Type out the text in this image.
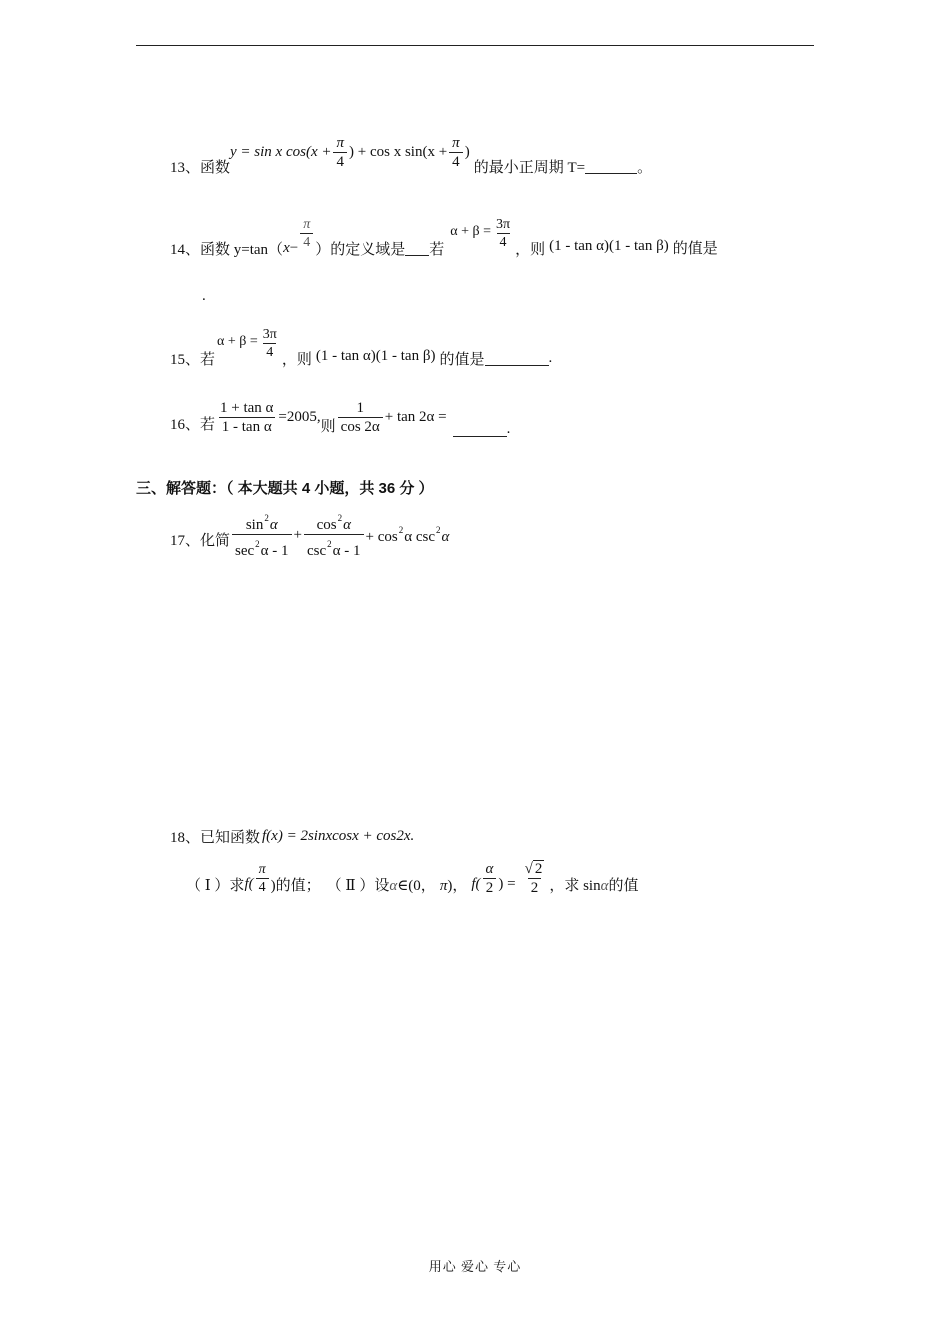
13、函数
y = sin x $\cos(x + \frac{\pi}{4}$ ) + cos x $\sin(x + \frac{\pi}{4}$ )
的最小正周期 T=	。
14、函数 y=tan （ $x - \frac{\pi}{4}$ ） 的定义域是 若
$\alpha + \beta = \frac{3\pi}{4}$ ，则 (1 - tan α)(1 - tan β) 的值是
.
15、若
$\alpha + \beta = \frac{3\pi}{4}$ ，则 (1 - tan α)(1 - tan β) 的值是	.
16、若 $\frac{\text{1 + tan α}}{\text{1 - tan α}} =2005$,
则 $\frac{1}{\cos 2\alpha} + \tan 2\alpha$ =
.
三、解答题：（ 本大题共 4 小题，共 36 分 ）
17、化简 $\frac{\sin^2\alpha}{\sec^2\alpha - 1} + \frac{\cos^2\alpha}{\csc^2\alpha - 1} + \cos^2\alpha$ $\csc^2\alpha$
18、已知函数 f(x) = 2sinxcosx + cos2x.
（ Ⅰ ）求 $f( \frac{\pi}{4}$ )的值； （ Ⅱ ）设 α ∈(0， π )， $f( \frac{\alpha}{2}$ ) = $\frac{√ 2}{2}$ ，求 sin α 的值
用心 爱心 专心
